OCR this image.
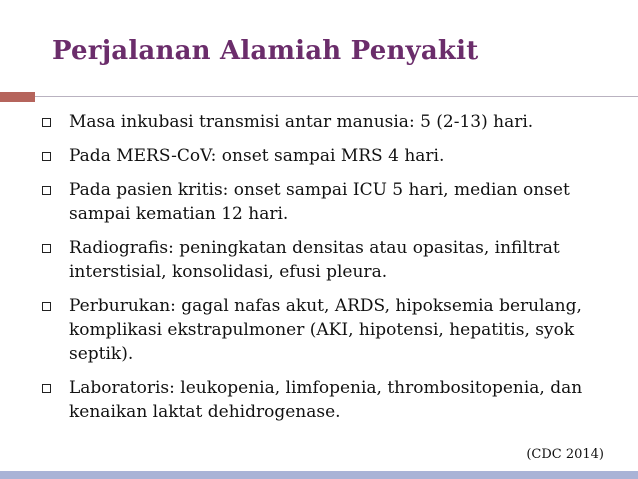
Perjalanan Alamiah Penyakit
Masa inkubasi transmisi antar manusia: 5 (2-13) hari.
Pada MERS-CoV: onset sampai MRS 4 hari.
Pada pasien kritis: onset sampai ICU 5 hari, median onset sampai kematian 12 hari.
Radiografis: peningkatan densitas atau opasitas, infiltrat interstisial, konsolidasi, efusi pleura.
Perburukan: gagal nafas akut, ARDS, hipoksemia berulang, komplikasi ekstrapulmoner (AKI, hipotensi, hepatitis, syok septik).
Laboratoris: leukopenia, limfopenia, thrombositopenia, dan kenaikan laktat dehidrogenase.
(CDC 2014)
